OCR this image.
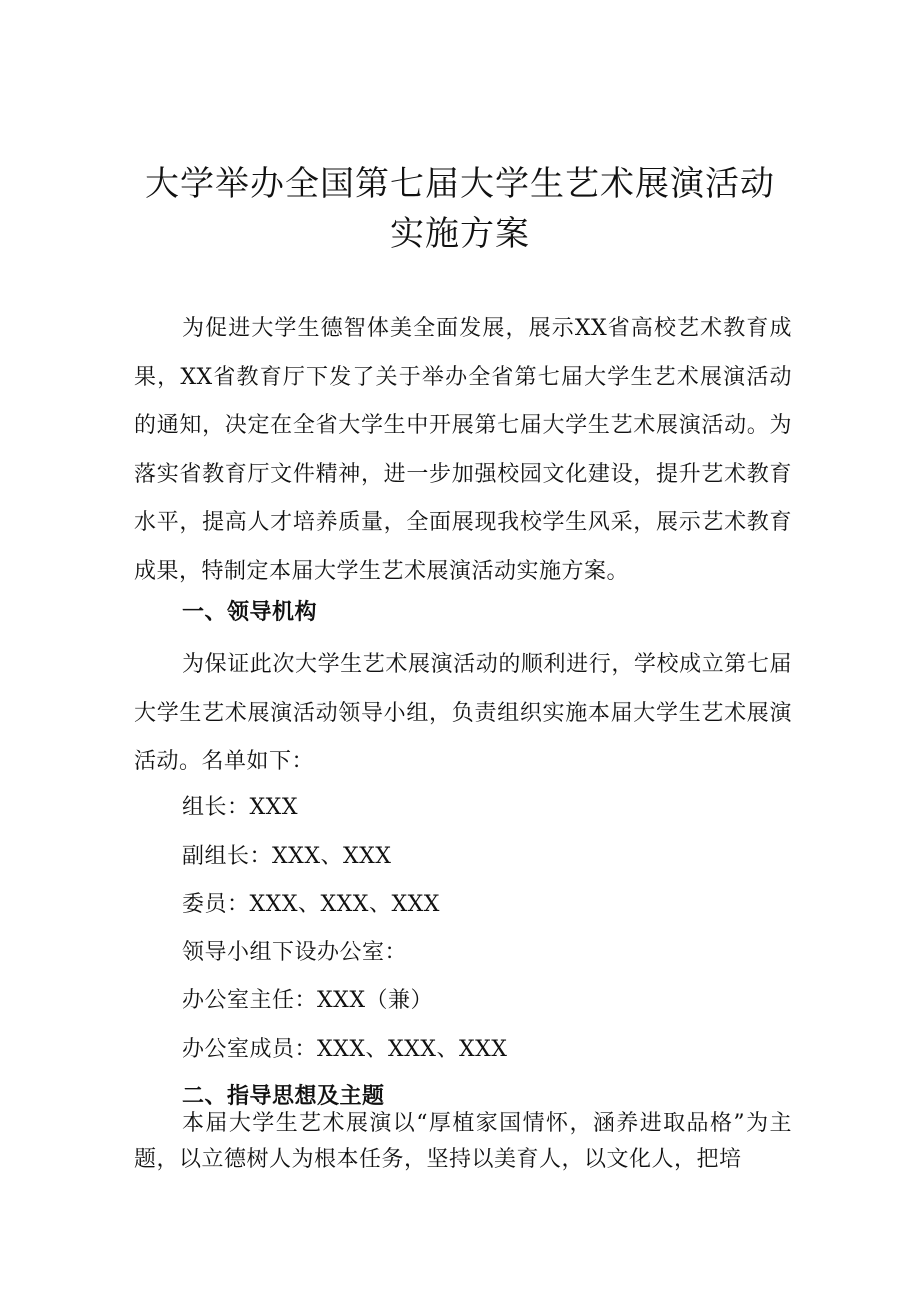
大学举办全国第七届大学生艺术展演活动
实施方案

为促进大学生德智体美全面发展，展示XX省高校艺术教育成果，XX省教育厅下发了关于举办全省第七届大学生艺术展演活动的通知，决定在全省大学生中开展第七届大学生艺术展演活动。为落实省教育厅文件精神，进一步加强校园文化建设，提升艺术教育水平，提高人才培养质量，全面展现我校学生风采，展示艺术教育成果，特制定本届大学生艺术展演活动实施方案。

一、领导机构

为保证此次大学生艺术展演活动的顺利进行，学校成立第七届大学生艺术展演活动领导小组，负责组织实施本届大学生艺术展演活动。名单如下：

组长：XXX

副组长：XXX、XXX

委员：XXX、XXX、XXX

领导小组下设办公室：

办公室主任：XXX（兼）

办公室成员：XXX、XXX、XXX

二、指导思想及主题

本届大学生艺术展演以“厚植家国情怀，涵养进取品格”为主题，以立德树人为根本任务，坚持以美育人，以文化人，把培
